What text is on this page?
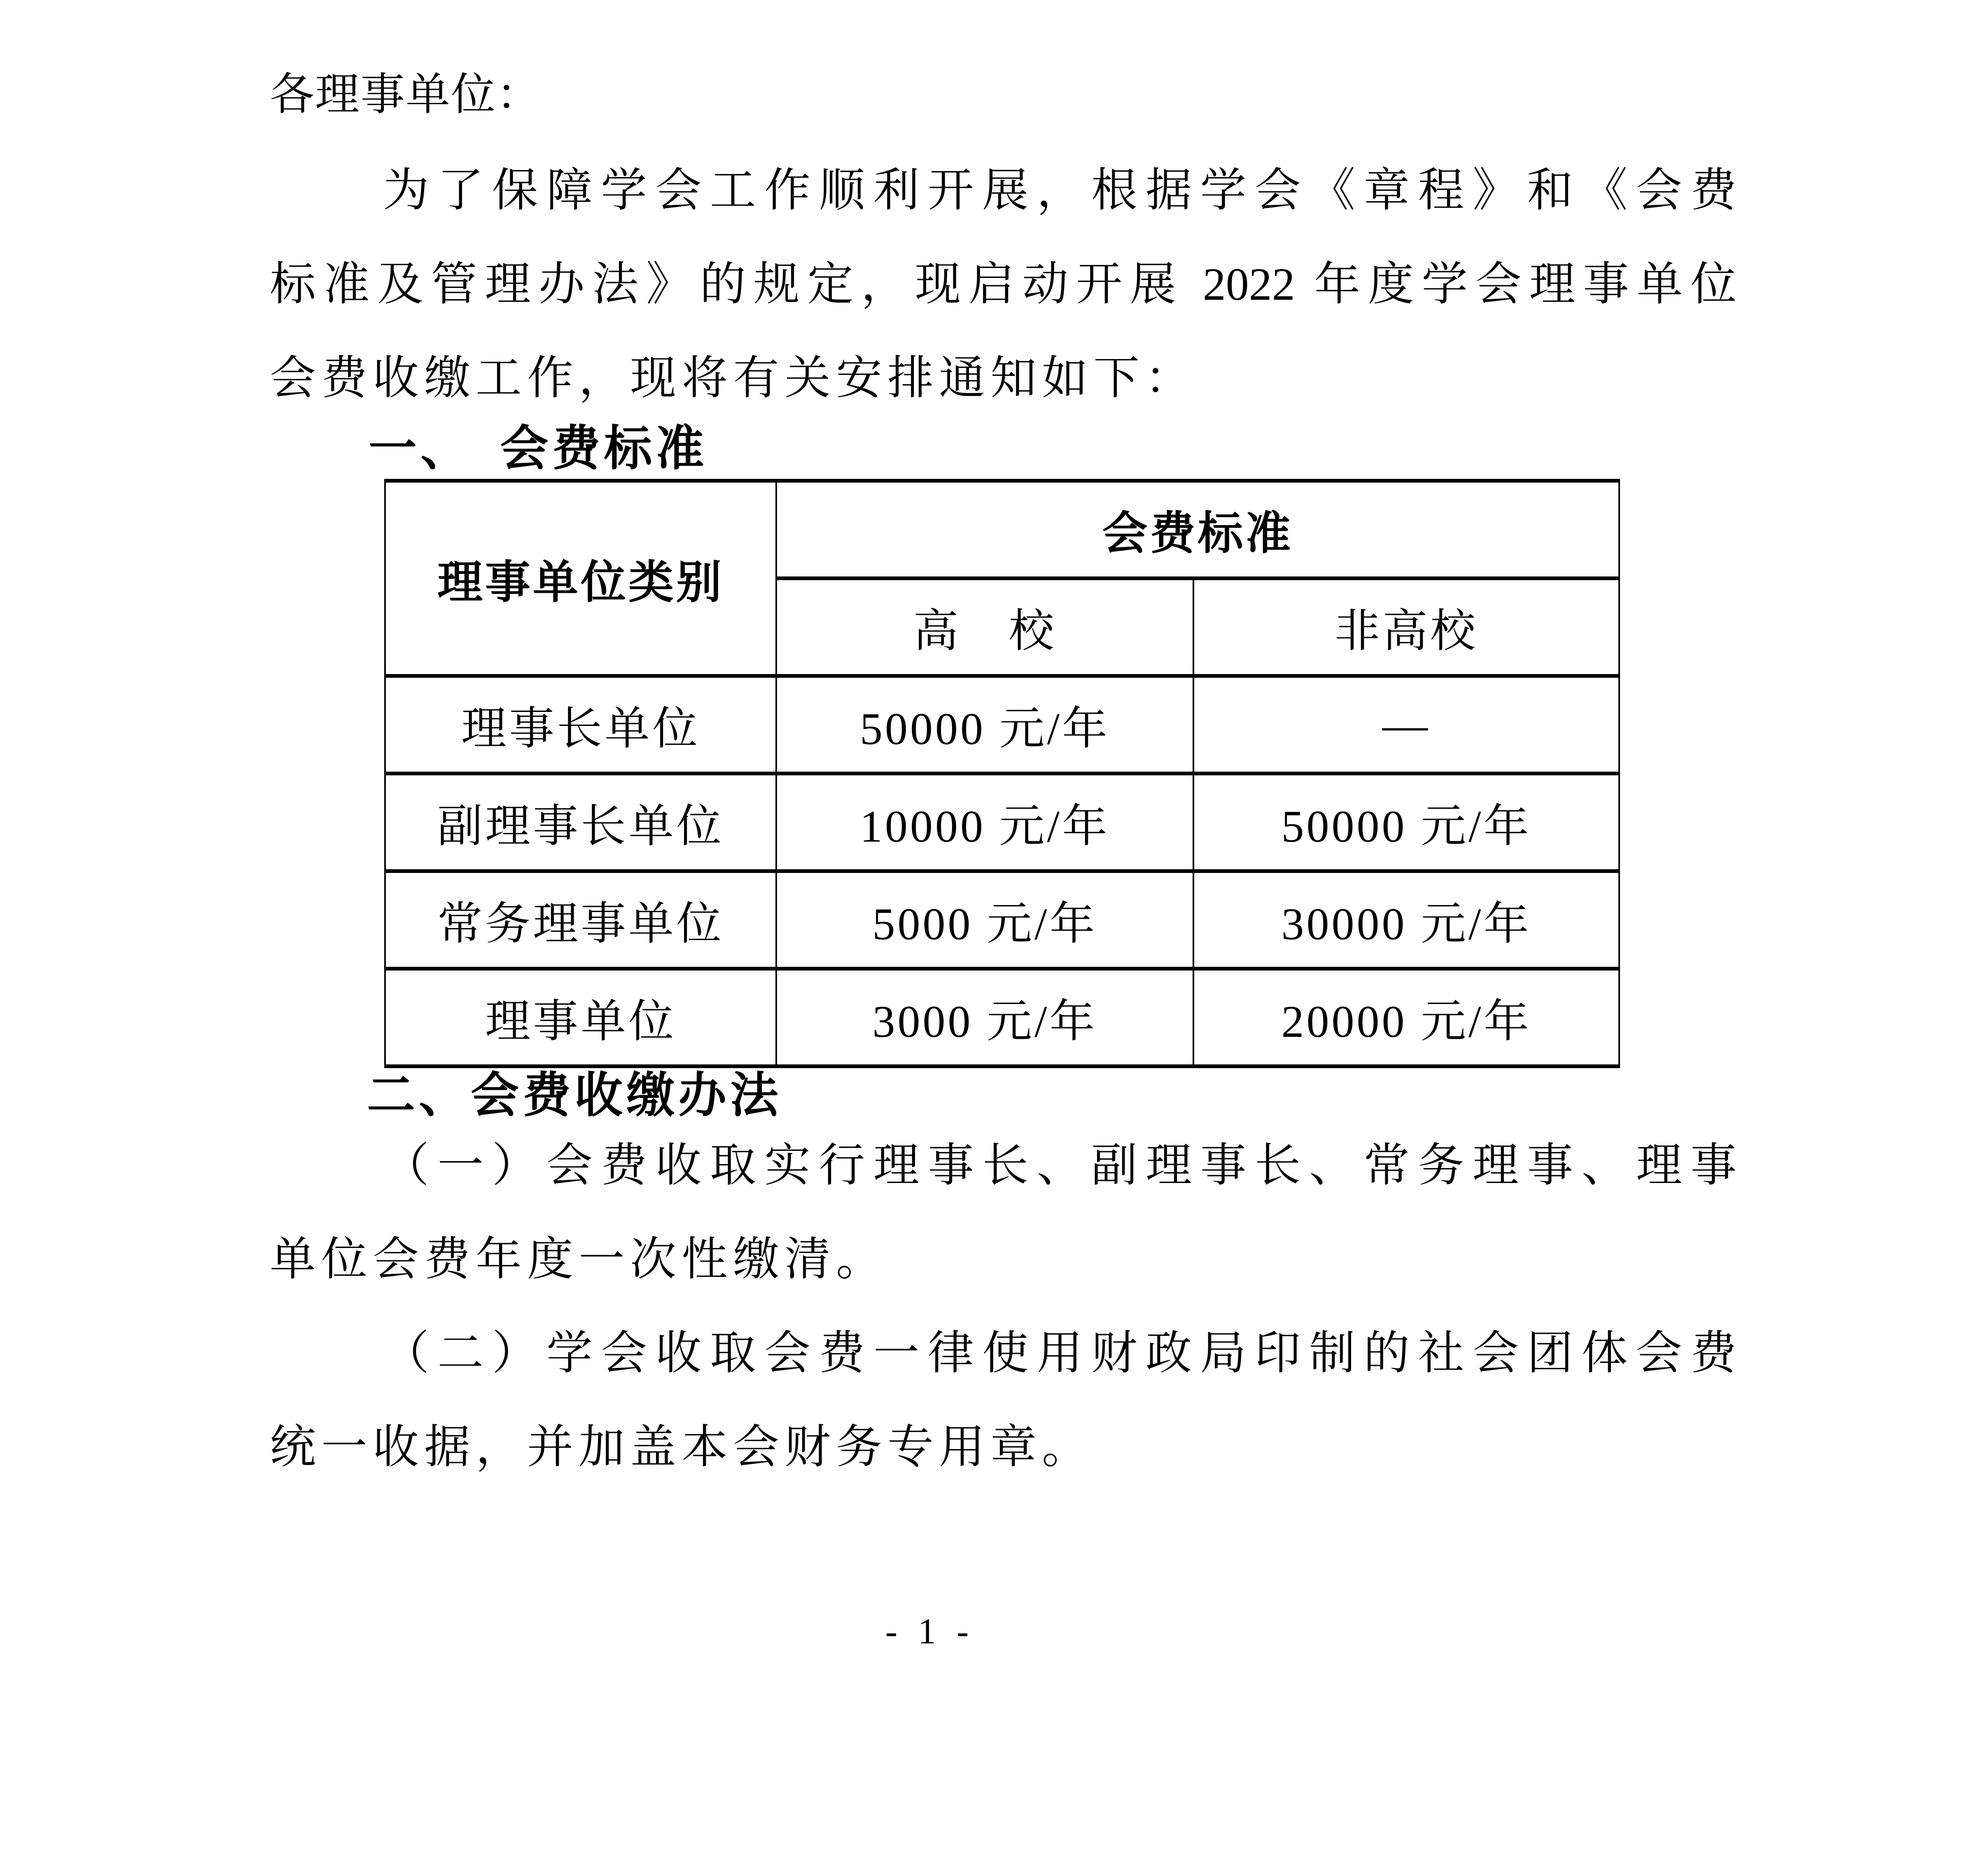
各理事单位：
为了保障学会工作顺利开展，根据学会《章程》和《会费
标准及管理办法》的规定，现启动开展 2022 年度学会理事单位
会费收缴工作，现将有关安排通知如下：
一、　会费标准
理事单位类别	会费标准	
	高　校	非高校
理事长单位	50000 元/年	—
副理事长单位	10000 元/年	50000 元/年
常务理事单位	5000 元/年	30000 元/年
理事单位	3000 元/年	20000 元/年
二、会费收缴办法
（一）会费收取实行理事长、副理事长、常务理事、理事
单位会费年度一次性缴清。
（二）学会收取会费一律使用财政局印制的社会团体会费
统一收据，并加盖本会财务专用章。
- 1 -
